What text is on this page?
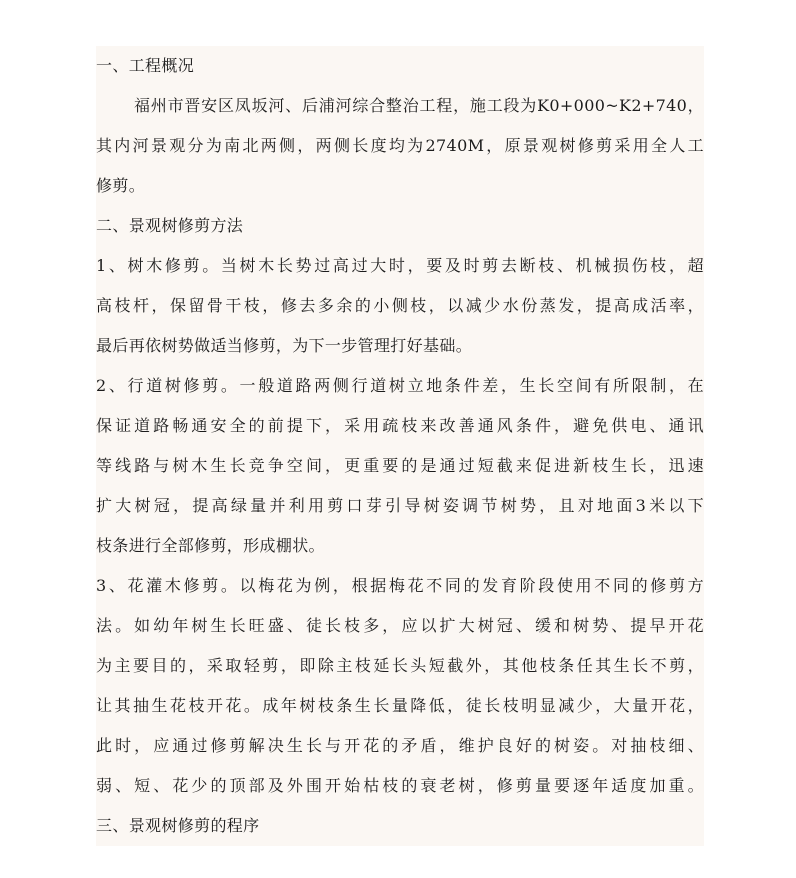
一、工程概况
福州市晋安区凤坂河、后浦河综合整治工程，施工段为K0+000~K2+740，
其内河景观分为南北两侧，两侧长度均为2740M，原景观树修剪采用全人工
修剪。
二、景观树修剪方法
1、树木修剪。当树木长势过高过大时，要及时剪去断枝、机械损伤枝，超
高枝杆，保留骨干枝，修去多余的小侧枝，以减少水份蒸发，提高成活率，
最后再依树势做适当修剪，为下一步管理打好基础。
2、行道树修剪。一般道路两侧行道树立地条件差，生长空间有所限制，在
保证道路畅通安全的前提下，采用疏枝来改善通风条件，避免供电、通讯
等线路与树木生长竞争空间，更重要的是通过短截来促进新枝生长，迅速
扩大树冠，提高绿量并利用剪口芽引导树姿调节树势，且对地面3米以下
枝条进行全部修剪，形成棚状。
3、花灌木修剪。以梅花为例，根据梅花不同的发育阶段使用不同的修剪方
法。如幼年树生长旺盛、徒长枝多，应以扩大树冠、缓和树势、提早开花
为主要目的，采取轻剪，即除主枝延长头短截外，其他枝条任其生长不剪，
让其抽生花枝开花。成年树枝条生长量降低，徒长枝明显减少，大量开花，
此时，应通过修剪解决生长与开花的矛盾，维护良好的树姿。对抽枝细、
弱、短、花少的顶部及外围开始枯枝的衰老树，修剪量要逐年适度加重。
三、景观树修剪的程序
